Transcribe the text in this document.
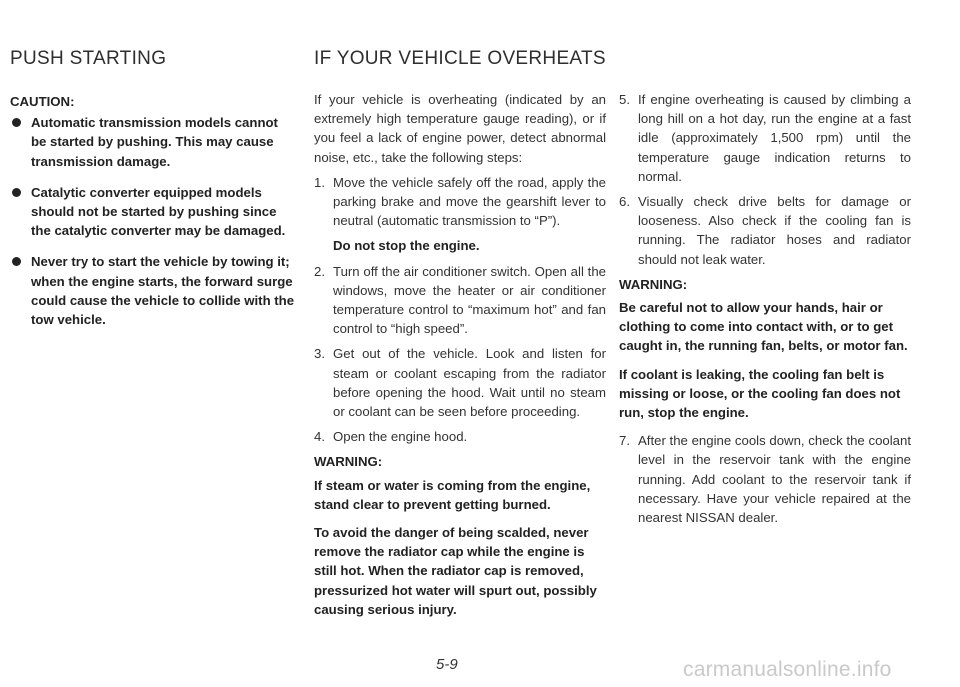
PUSH STARTING	IF YOUR VEHICLE OVERHEATS
CAUTION:
Automatic transmission models cannot be started by pushing. This may cause transmission damage.
Catalytic converter equipped models should not be started by pushing since the catalytic converter may be damaged.
Never try to start the vehicle by towing it; when the engine starts, the forward surge could cause the vehicle to collide with the tow vehicle.

If your vehicle is overheating (indicated by an extremely high temperature gauge reading), or if you feel a lack of engine power, detect abnormal noise, etc., take the following steps:

1. Move the vehicle safely off the road, apply the parking brake and move the gearshift lever to neutral (automatic transmission to “P”).
Do not stop the engine.
2. Turn off the air conditioner switch. Open all the windows, move the heater or air conditioner temperature control to “maximum hot” and fan control to “high speed”.
3. Get out of the vehicle. Look and listen for steam or coolant escaping from the radiator before opening the hood. Wait until no steam or coolant can be seen before proceeding.
4. Open the engine hood.
WARNING:

If steam or water is coming from the engine, stand clear to prevent getting burned.

To avoid the danger of being scalded, never remove the radiator cap while the engine is still hot. When the radiator cap is removed, pressurized hot water will spurt out, possibly causing serious injury.

5. If engine overheating is caused by climbing a long hill on a hot day, run the engine at a fast idle (approximately 1,500 rpm) until the temperature gauge indication returns to normal.
6. Visually check drive belts for damage or looseness. Also check if the cooling fan is running. The radiator hoses and radiator should not leak water.
WARNING:

Be careful not to allow your hands, hair or clothing to come into contact with, or to get caught in, the running fan, belts, or motor fan.

If coolant is leaking, the cooling fan belt is missing or loose, or the cooling fan does not run, stop the engine.

7. After the engine cools down, check the coolant level in the reservoir tank with the engine running. Add coolant to the reservoir tank if necessary. Have your vehicle repaired at the nearest NISSAN dealer.
5-9	carmanualsonline.info
